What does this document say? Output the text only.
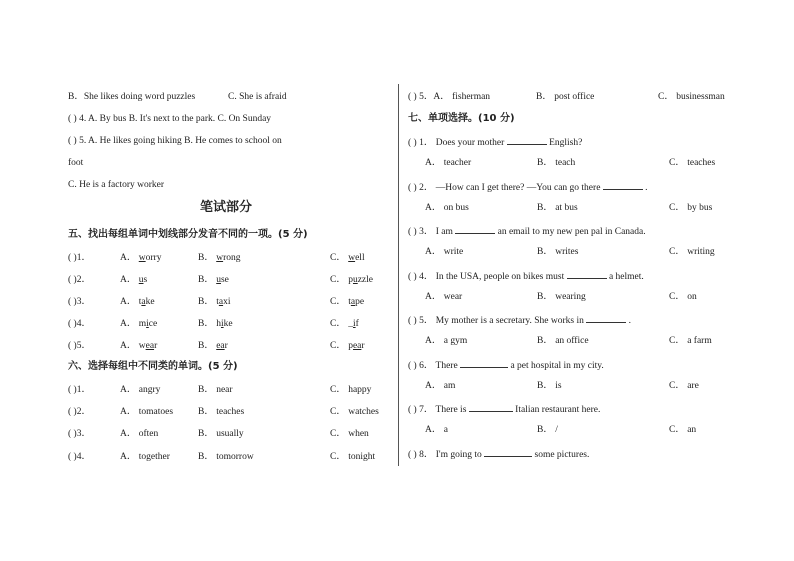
B．She likes doing word puzzles	C. She is afraid
( ) 4. A. By bus B. It's next to the park. C. On Sunday
( ) 5. A. He likes going hiking B. He comes to school on
foot
C. He is a factory worker
笔试部分
五、找出每组单词中划线部分发音不同的一项。(5 分)
( )1．	A． worry	B． wrong	C． well
( )2．	A． us	B． use	C． puzzle
( )3．	A． take	B． taxi	C． tape
( )4．	A． mice	B． hike	C． _if
( )5．	A． wear	B． ear	C． pear
六、选择每组中不同类的单词。(5 分)
( )1．	A． angry	B． near	C． happy
( )2．	A． tomatoes	B． teaches	C． watches
( )3．	A． often	B． usually	C． when
( )4．	A． together	B． tomorrow	C． tonight
( ) 5．A． fisherman	B． post office	C． businessman
七、单项选择。(10 分)
( ) 1． Does your mother	English?
A． teacher	B． teach	C． teaches
( ) 2． —How can I get there? —You can go there	.
A． on bus	B． at bus	C． by bus
( ) 3． I am	an email to my new pen pal in Canada.
A． write	B． writes	C． writing
( ) 4． In the USA, people on bikes must	a helmet.
A． wear	B． wearing	C． on
( ) 5． My mother is a secretary. She works in	.
A． a gym	B． an office	C． a farm
( ) 6． There	a pet hospital in my city.
A． am	B． is	C． are
( ) 7． There is	Italian restaurant here.
A． a	B． /	C． an
( ) 8． I'm going to	some pictures.
